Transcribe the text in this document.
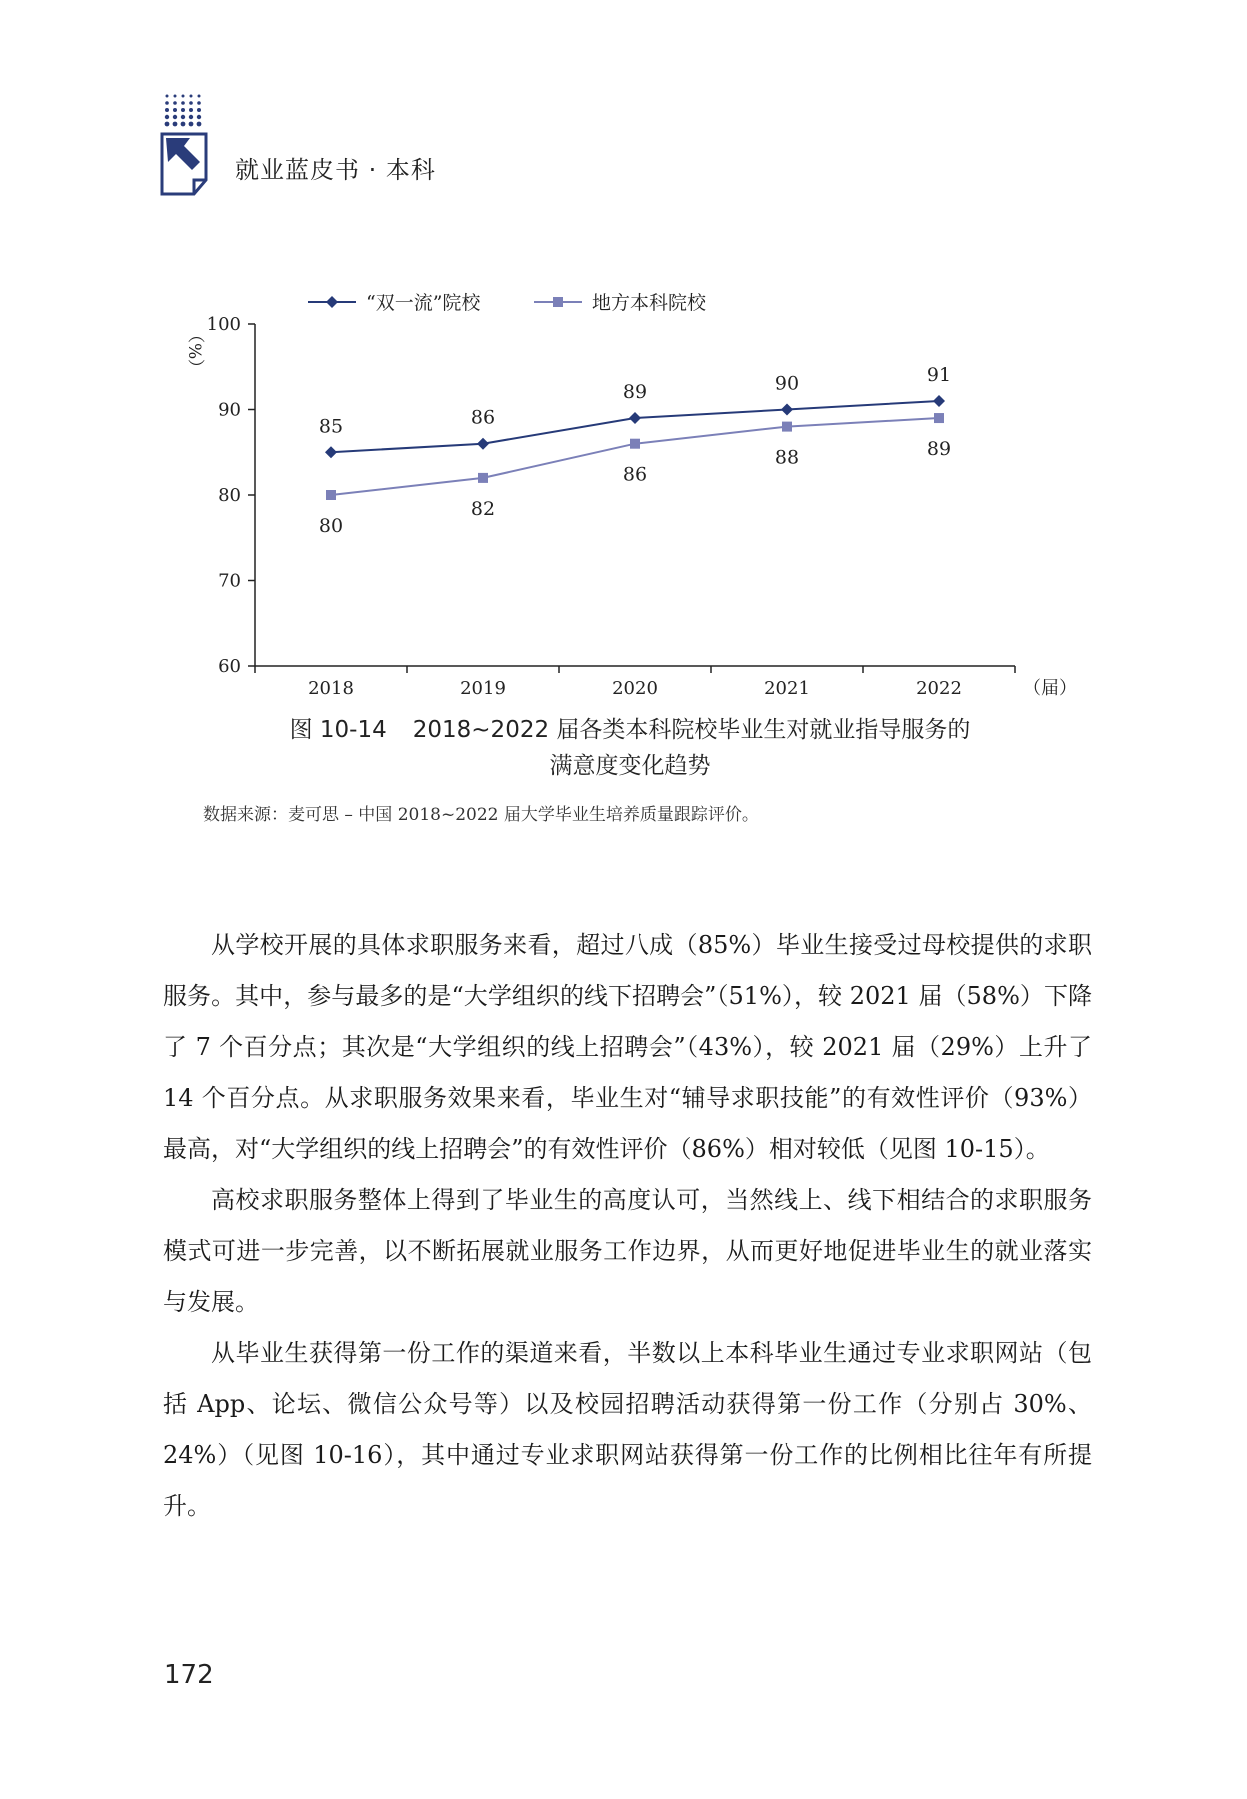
就业蓝皮书 · 本科
60
70
80
90
100
（%）
2018	2019	2020	2021	2022	（届）
85	86
89	90	91
80
82
86
88	89
“双一流”院校	地方本科院校
图 10-14 2018~2022 届各类本科院校毕业生对就业指导服务的
满意度变化趋势
数据来源：麦可思 – 中国 2018~2022 届大学毕业生培养质量跟踪评价。

从学校开展的具体求职服务来看，超过八成（85%）毕业生接受过母校提供的求职服务。其中，参与最多的是“大学组织的线下招聘会”（51%），较 2021 届（58%）下降了 7 个百分点；其次是“大学组织的线上招聘会”（43%），较 2021 届（29%）上升了 14 个百分点。从求职服务效果来看，毕业生对“辅导求职技能”的有效性评价（93%）最高，对“大学组织的线上招聘会”的有效性评价（86%）相对较低（见图 10-15）。

高校求职服务整体上得到了毕业生的高度认可，当然线上、线下相结合的求职服务模式可进一步完善，以不断拓展就业服务工作边界，从而更好地促进毕业生的就业落实与发展。

从毕业生获得第一份工作的渠道来看，半数以上本科毕业生通过专业求职网站（包括 App、论坛、微信公众号等）以及校园招聘活动获得第一份工作（分别占 30%、24%）（见图 10-16），其中通过专业求职网站获得第一份工作的比例相比往年有所提升。

172
